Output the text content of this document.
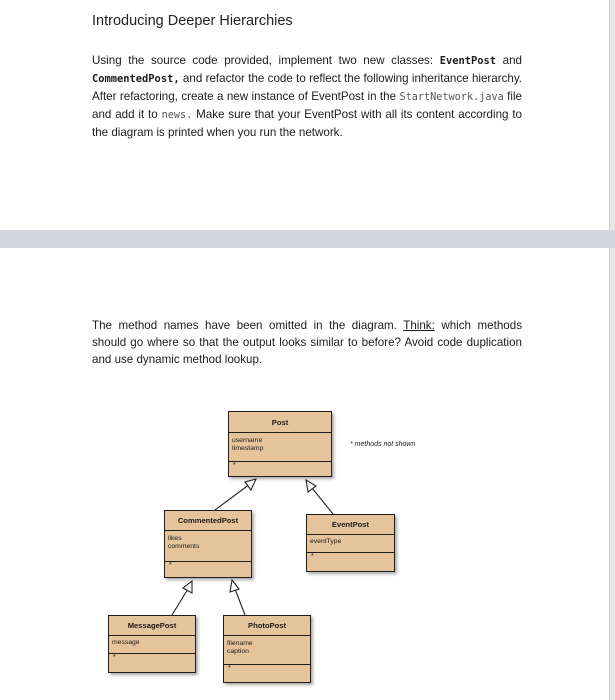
Introducing Deeper Hierarchies
Using the source code provided, implement two new classes: EventPost and CommentedPost, and refactor the code to reflect the following inheritance hierarchy. After refactoring, create a new instance of EventPost in the StartNetwork.java file and add it to news. Make sure that your EventPost with all its content according to the diagram is printed when you run the network.
The method names have been omitted in the diagram. Think: which methods should go where so that the output looks similar to before? Avoid code duplication and use dynamic method lookup.
* methods not shown
Post
username
timestamp
*
CommentedPost
likes
comments
*
EventPost
eventType
*
MessagePost
message
*
PhotoPost
filename
caption
*
